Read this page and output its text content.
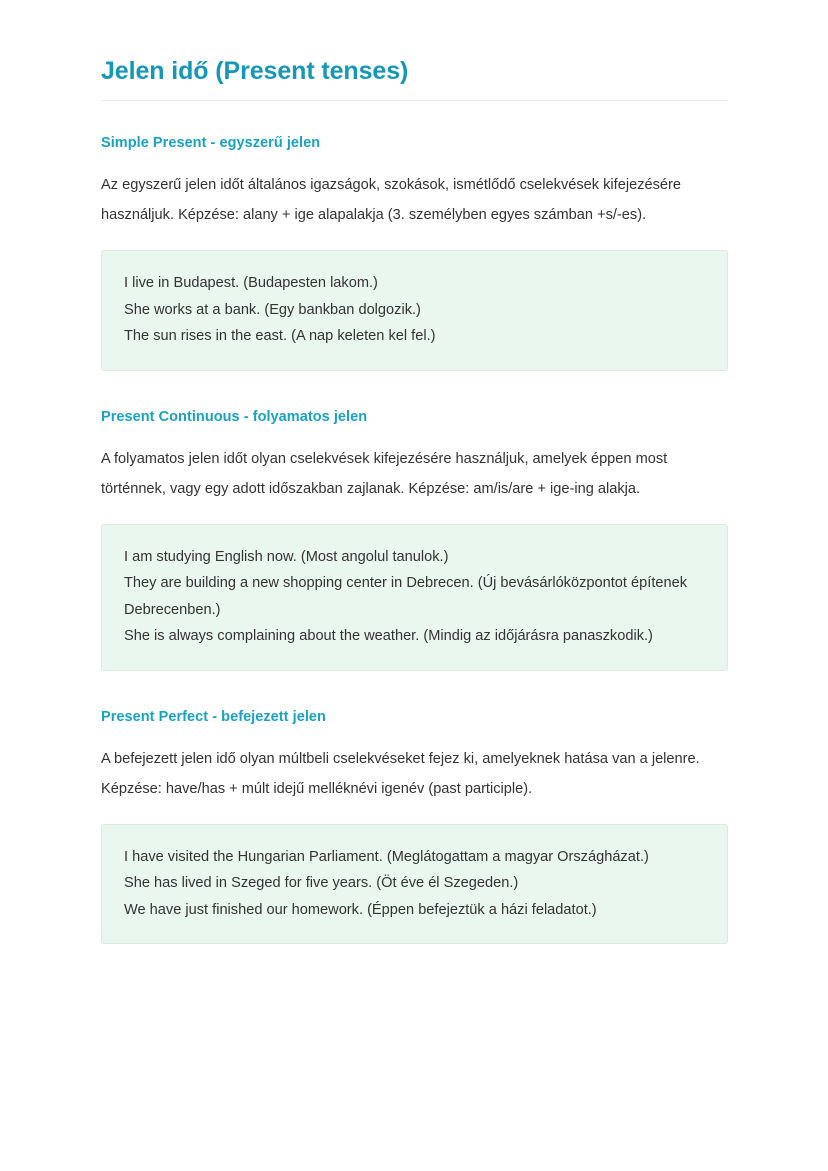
Jelen idő (Present tenses)
Simple Present - egyszerű jelen

Az egyszerű jelen időt általános igazságok, szokások, ismétlődő cselekvések kifejezésére használjuk. Képzése: alany + ige alapalakja (3. személyben egyes számban +s/-es).

I live in Budapest. (Budapesten lakom.)
She works at a bank. (Egy bankban dolgozik.)
The sun rises in the east. (A nap keleten kel fel.)
Present Continuous - folyamatos jelen

A folyamatos jelen időt olyan cselekvések kifejezésére használjuk, amelyek éppen most történnek, vagy egy adott időszakban zajlanak. Képzése: am/is/are + ige-ing alakja.

I am studying English now. (Most angolul tanulok.)
They are building a new shopping center in Debrecen. (Új bevásárlóközpontot építenek Debrecenben.)
She is always complaining about the weather. (Mindig az időjárásra panaszkodik.)
Present Perfect - befejezett jelen

A befejezett jelen idő olyan múltbeli cselekvéseket fejez ki, amelyeknek hatása van a jelenre. Képzése: have/has + múlt idejű melléknévi igenév (past participle).

I have visited the Hungarian Parliament. (Meglátogattam a magyar Országházat.)
She has lived in Szeged for five years. (Öt éve él Szegeden.)
We have just finished our homework. (Éppen befejeztük a házi feladatot.)
